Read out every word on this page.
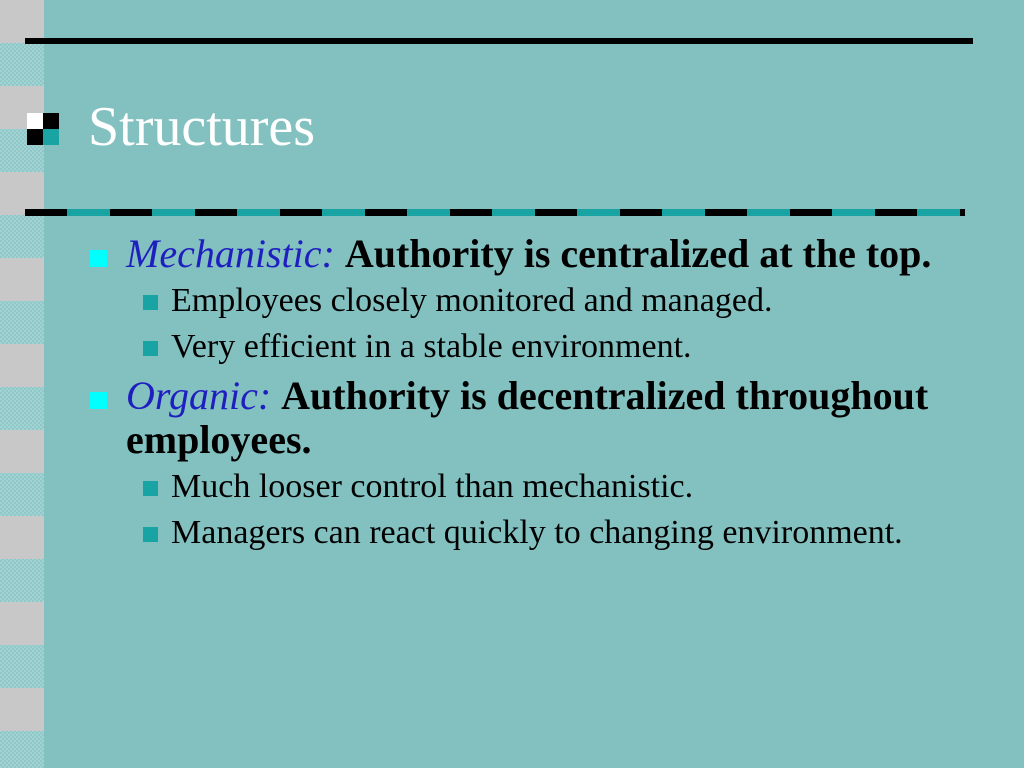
Structures
Mechanistic: Authority is centralized at the top.
Employees closely monitored and managed.
Very efficient in a stable environment.
Organic: Authority is decentralized throughout employees.
Much looser control than mechanistic.
Managers can react quickly to changing environment.
